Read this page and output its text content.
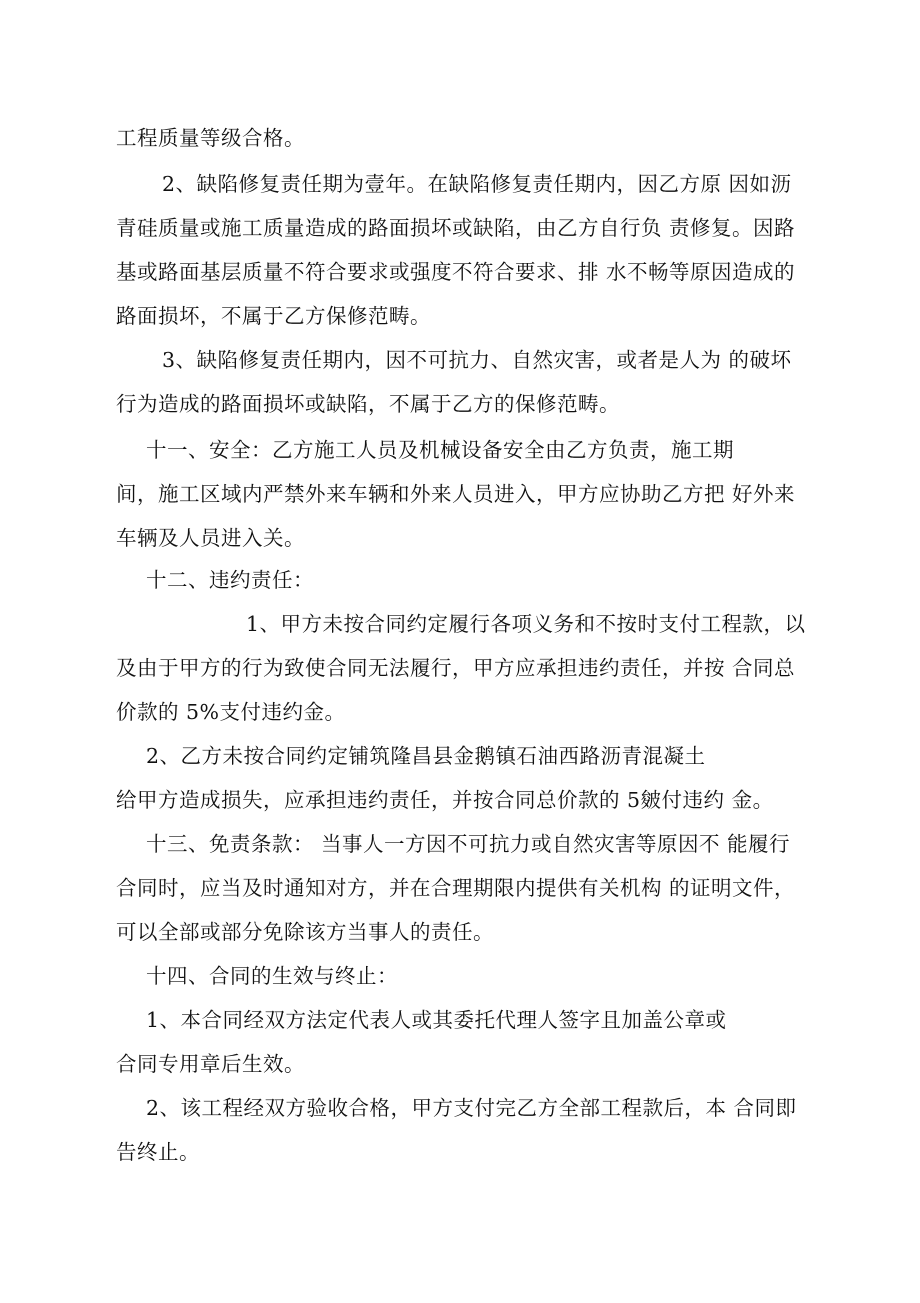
工程质量等级合格。
2、缺陷修复责任期为壹年。在缺陷修复责任期内，因乙方原 因如沥
青硅质量或施工质量造成的路面损坏或缺陷，由乙方自行负 责修复。因路
基或路面基层质量不符合要求或强度不符合要求、排 水不畅等原因造成的
路面损坏，不属于乙方保修范畴。
3、缺陷修复责任期内，因不可抗力、自然灾害，或者是人为 的破坏
行为造成的路面损坏或缺陷，不属于乙方的保修范畴。
十一、安全：乙方施工人员及机械设备安全由乙方负责，施工期
间，施工区域内严禁外来车辆和外来人员进入，甲方应协助乙方把 好外来
车辆及人员进入关。
十二、违约责任：
1、甲方未按合同约定履行各项义务和不按时支付工程款，以
及由于甲方的行为致使合同无法履行，甲方应承担违约责任，并按 合同总
价款的 5%支付违约金。
2、乙方未按合同约定铺筑隆昌县金鹅镇石油西路沥青混凝土
给甲方造成损失，应承担违约责任，并按合同总价款的 5皴付违约 金。
十三、免责条款： 当事人一方因不可抗力或自然灾害等原因不 能履行
合同时，应当及时通知对方，并在合理期限内提供有关机构 的证明文件，
可以全部或部分免除该方当事人的责任。
十四、合同的生效与终止：
1、本合同经双方法定代表人或其委托代理人签字且加盖公章或
合同专用章后生效。
2、该工程经双方验收合格，甲方支付完乙方全部工程款后，本 合同即
告终止。
